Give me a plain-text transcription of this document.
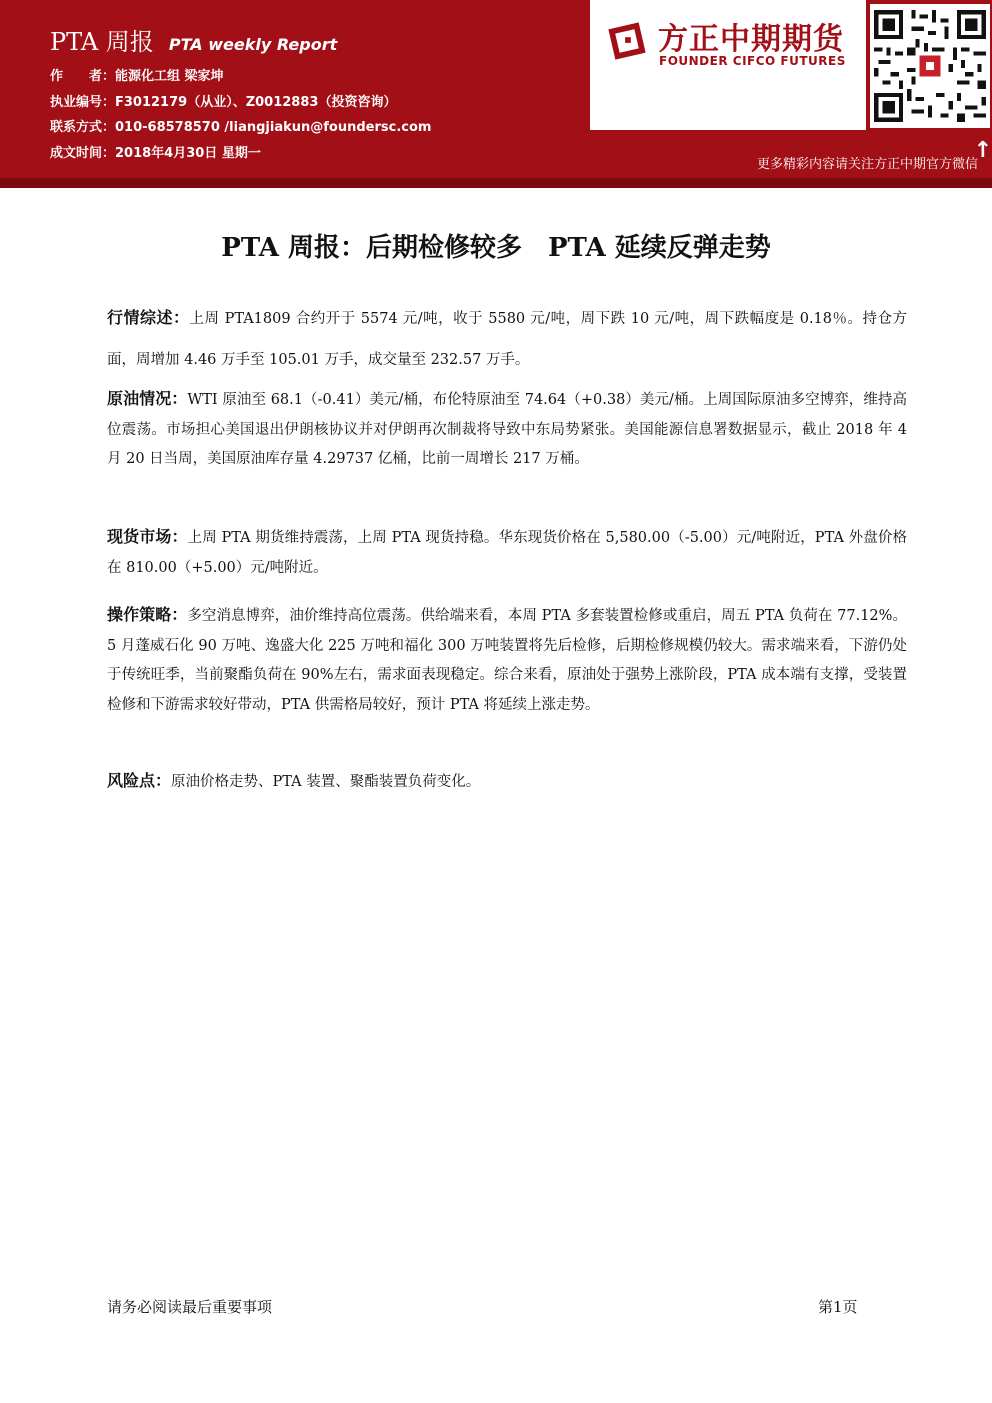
PTA 周报 PTA weekly Report
作　　者：能源化工组 梁家坤
执业编号：F3012179（从业）、Z0012883（投资咨询）
联系方式：010-68578570 /liangjiakun@foundersc.com
成文时间：2018年4月30日 星期一
方正中期期货
FOUNDER CIFCO FUTURES
更多精彩内容请关注方正中期官方微信
↑
PTA 周报：后期检修较多　PTA 延续反弹走势
行情综述：上周 PTA1809 合约开于 5574 元/吨，收于 5580 元/吨，周下跌 10 元/吨，周下跌幅度是 0.18％。持仓方面，周增加 4.46 万手至 105.01 万手，成交量至 232.57 万手。
原油情况：WTI 原油至 68.1（-0.41）美元/桶，布伦特原油至 74.64（+0.38）美元/桶。上周国际原油多空博弈，维持高位震荡。市场担心美国退出伊朗核协议并对伊朗再次制裁将导致中东局势紧张。美国能源信息署数据显示，截止 2018 年 4 月 20 日当周，美国原油库存量 4.29737 亿桶，比前一周增长 217 万桶。
现货市场：上周 PTA 期货维持震荡，上周 PTA 现货持稳。华东现货价格在 5,580.00（-5.00）元/吨附近，PTA 外盘价格在 810.00（+5.00）元/吨附近。
操作策略：多空消息博弈，油价维持高位震荡。供给端来看，本周 PTA 多套装置检修或重启，周五 PTA 负荷在 77.12%。5 月蓬威石化 90 万吨、逸盛大化 225 万吨和福化 300 万吨装置将先后检修，后期检修规模仍较大。需求端来看，下游仍处于传统旺季，当前聚酯负荷在 90%左右，需求面表现稳定。综合来看，原油处于强势上涨阶段，PTA 成本端有支撑，受装置检修和下游需求较好带动，PTA 供需格局较好，预计 PTA 将延续上涨走势。
风险点：原油价格走势、PTA 装置、聚酯装置负荷变化。
请务必阅读最后重要事项	第1页
